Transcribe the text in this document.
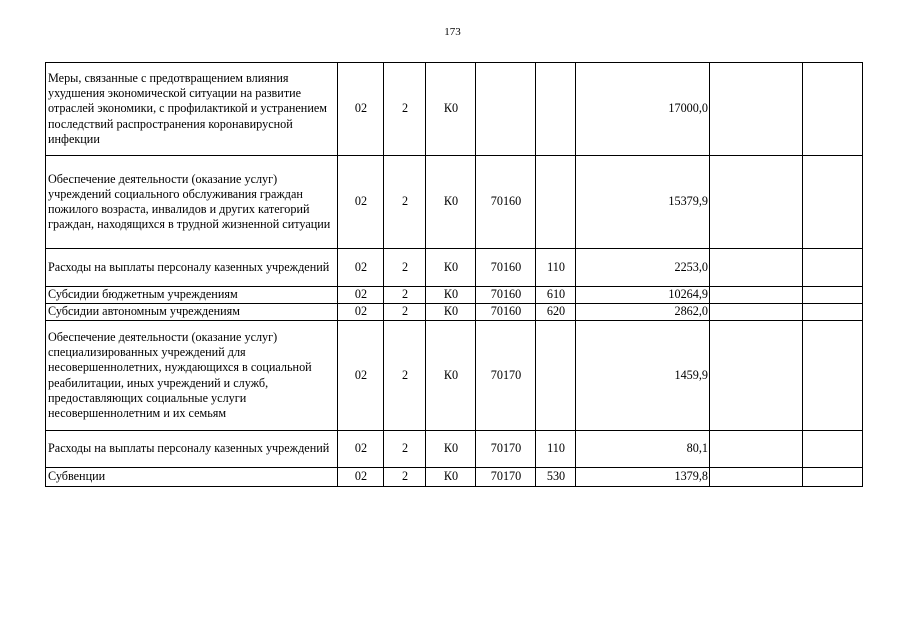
173
Меры, связанные с предотвращением влияния ухудшения экономической ситуации на развитие отраслей экономики, с профилактикой и устранением последствий распространения коронавирусной инфекции	02	2	К0			17000,0		
Обеспечение деятельности (оказание услуг) учреждений социального обслуживания граждан пожилого возраста, инвалидов и других категорий граждан, находящихся в трудной жизненной ситуации	02	2	К0	70160		15379,9		
Расходы на выплаты персоналу казенных учреждений	02	2	К0	70160	110	2253,0		
Субсидии бюджетным учреждениям	02	2	К0	70160	610	10264,9		
Субсидии автономным учреждениям	02	2	К0	70160	620	2862,0		
Обеспечение деятельности (оказание услуг) специализированных учреждений для несовершеннолетних, нуждающихся в социальной реабилитации, иных учреждений и служб, предоставляющих социальные услуги несовершеннолетним и их семьям	02	2	К0	70170		1459,9		
Расходы на выплаты персоналу казенных учреждений	02	2	К0	70170	110	80,1		
Субвенции	02	2	К0	70170	530	1379,8		
